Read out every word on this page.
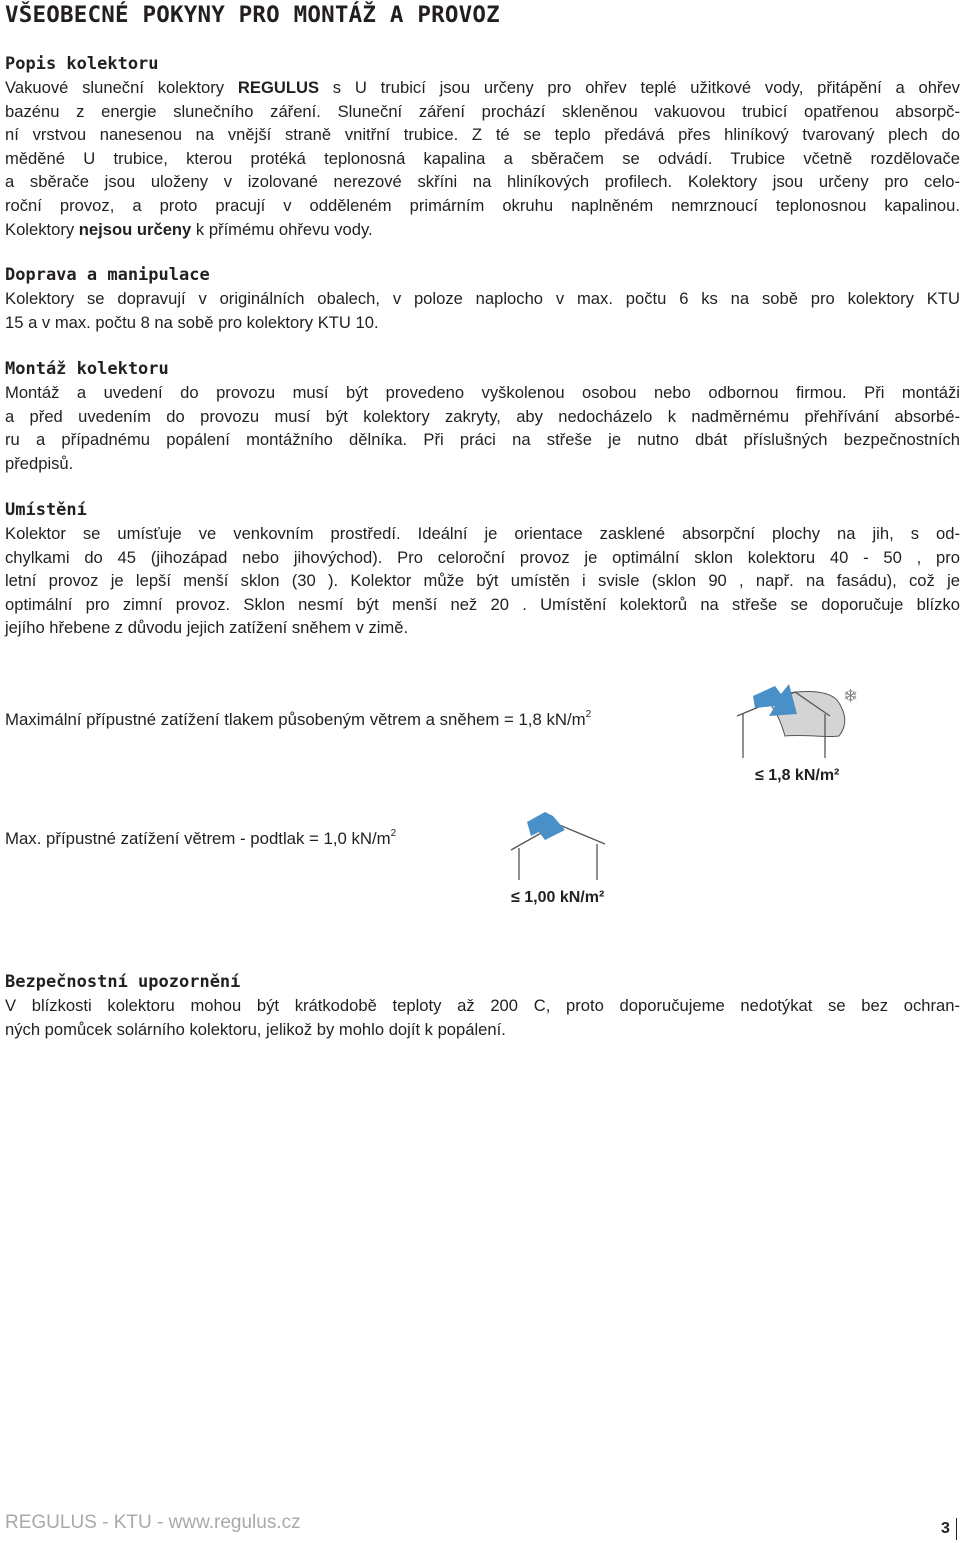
VŠEOBECNÉ POKYNY PRO MONTÁŽ A PROVOZ
Popis kolektoru

Vakuové sluneční kolektory REGULUS s U trubicí jsou určeny pro ohřev teplé užitkové vody, přitápění a ohřev
bazénu z energie slunečního záření. Sluneční záření prochází skleněnou vakuovou trubicí opatřenou absorpč-
ní vrstvou nanesenou na vnější straně vnitřní trubice. Z té se teplo předává přes hliníkový tvarovaný plech do
měděné U trubice, kterou protéká teplonosná kapalina a sběračem se odvádí. Trubice včetně rozdělovače
a sběrače jsou uloženy v izolované nerezové skříni na hliníkových profilech. Kolektory jsou určeny pro celo-
roční provoz, a proto pracují v odděleném primárním okruhu naplněném nemrznoucí teplonosnou kapalinou.
Kolektory nejsou určeny k přímému ohřevu vody.

Doprava a manipulace

Kolektory se dopravují v originálních obalech, v poloze naplocho v max. počtu 6 ks na sobě pro kolektory KTU
15 a v max. počtu 8 na sobě pro kolektory KTU 10.

Montáž kolektoru

Montáž a uvedení do provozu musí být provedeno vyškolenou osobou nebo odbornou firmou. Při montáži
a před uvedením do provozu musí být kolektory zakryty, aby nedocházelo k nadměrnému přehřívání absorbé-
ru a případnému popálení montážního dělníka. Při práci na střeše je nutno dbát příslušných bezpečnostních
předpisů.

Umístění

Kolektor se umísťuje ve venkovním prostředí. Ideální je orientace zasklené absorpční plochy na jih, s od-
chylkami do 45 (jihozápad nebo jihovýchod). Pro celoroční provoz je optimální sklon kolektoru 40 - 50 , pro
letní provoz je lepší menší sklon (30 ). Kolektor může být umístěn i svisle (sklon 90 , např. na fasádu), což je
optimální pro zimní provoz. Sklon nesmí být menší než 20 . Umístění kolektorů na střeše se doporučuje blízko
jejího hřebene z důvodu jejich zatížení sněhem v zimě.

Maximální přípustné zatížení tlakem působeným větrem a sněhem = 1,8 $kN/m^2$
❄
≤ 1,8 kN/m²
Max. přípustné zatížení větrem - podtlak = 1,0 $kN/m^2$
≤ 1,00 kN/m²
Bezpečnostní upozornění

V blízkosti kolektoru mohou být krátkodobě teploty až 200 C, proto doporučujeme nedotýkat se bez ochran-
ných pomůcek solárního kolektoru, jelikož by mohlo dojít k popálení.

REGULUS - KTU - www.regulus.cz	3
